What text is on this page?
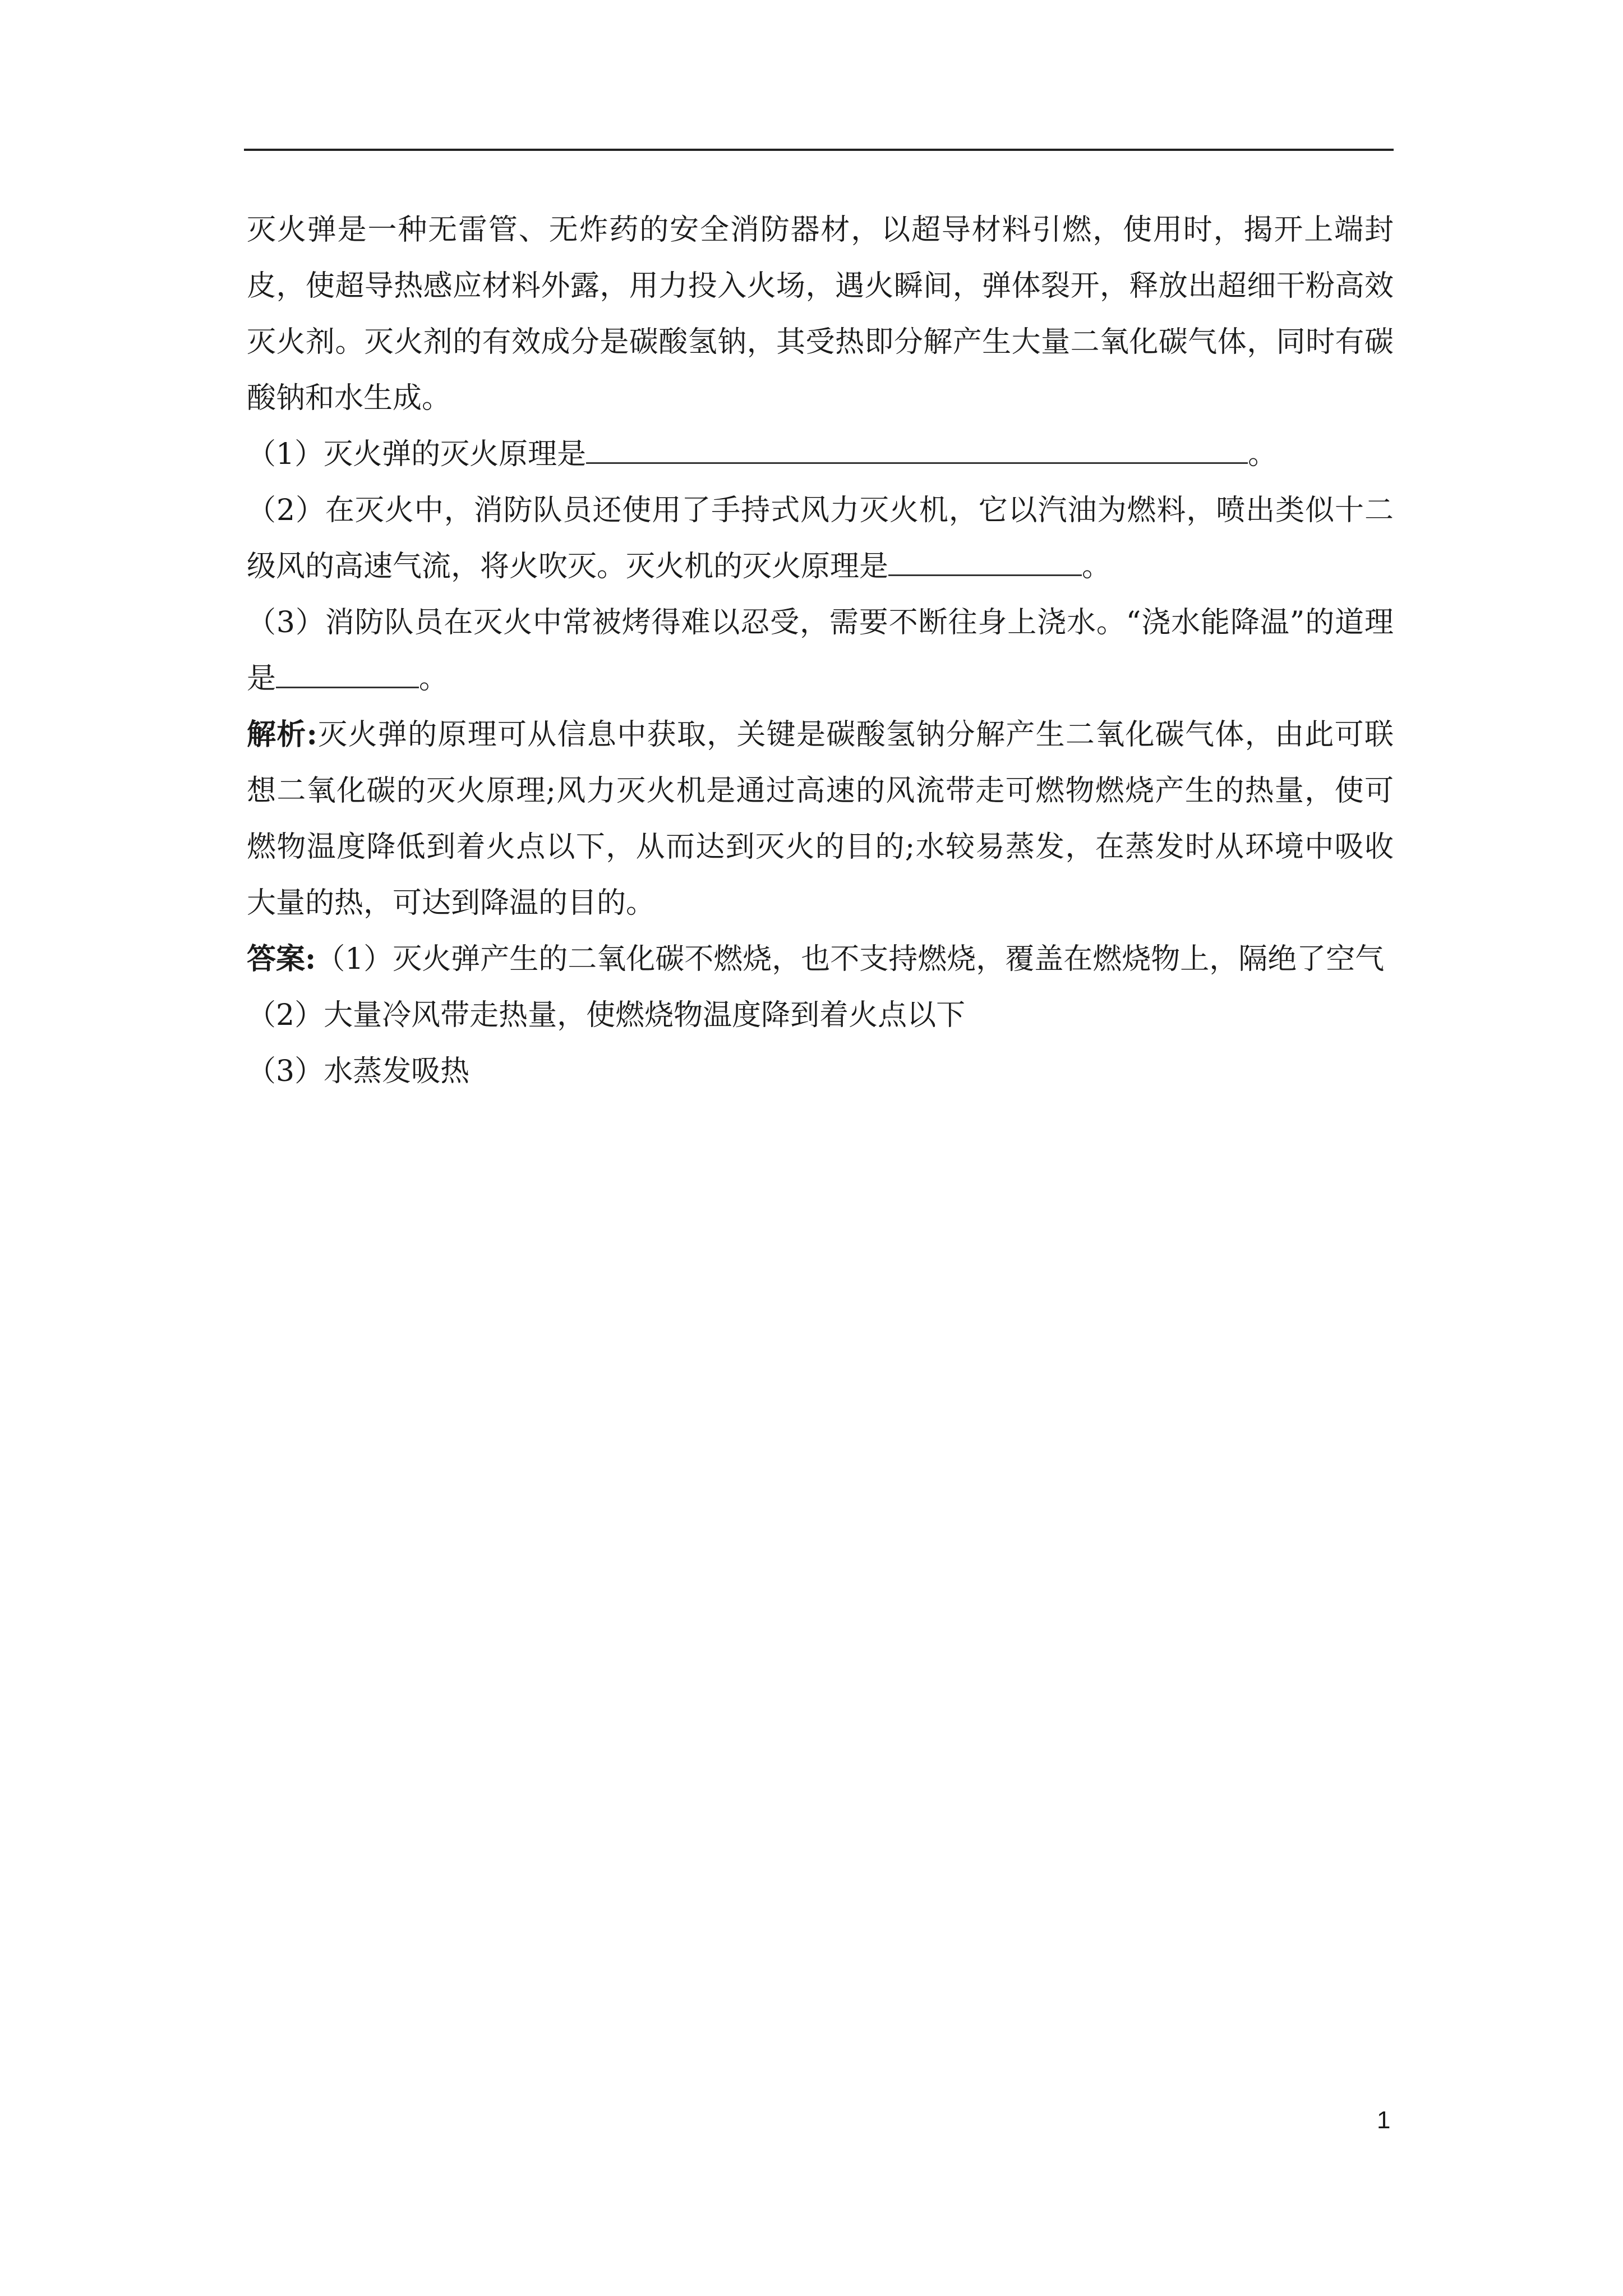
灭火弹是一种无雷管、无炸药的安全消防器材，以超导材料引燃，使用时，揭开上端封皮，使超导热感应材料外露，用力投入火场，遇火瞬间，弹体裂开，释放出超细干粉高效灭火剂。灭火剂的有效成分是碳酸氢钠，其受热即分解产生大量二氧化碳气体，同时有碳酸钠和水生成。

（1）灭火弹的灭火原理是	。

（2）在灭火中，消防队员还使用了手持式风力灭火机，它以汽油为燃料，喷出类似十二级风的高速气流，将火吹灭。灭火机的灭火原理是	。

（3）消防队员在灭火中常被烤得难以忍受，需要不断往身上浇水。“浇水能降温”的道理是	。

解析:灭火弹的原理可从信息中获取，关键是碳酸氢钠分解产生二氧化碳气体，由此可联想二氧化碳的灭火原理;风力灭火机是通过高速的风流带走可燃物燃烧产生的热量，使可燃物温度降低到着火点以下，从而达到灭火的目的;水较易蒸发，在蒸发时从环境中吸收大量的热，可达到降温的目的。

答案:（1）灭火弹产生的二氧化碳不燃烧，也不支持燃烧，覆盖在燃烧物上，隔绝了空气

（2）大量冷风带走热量，使燃烧物温度降到着火点以下

（3）水蒸发吸热

1
